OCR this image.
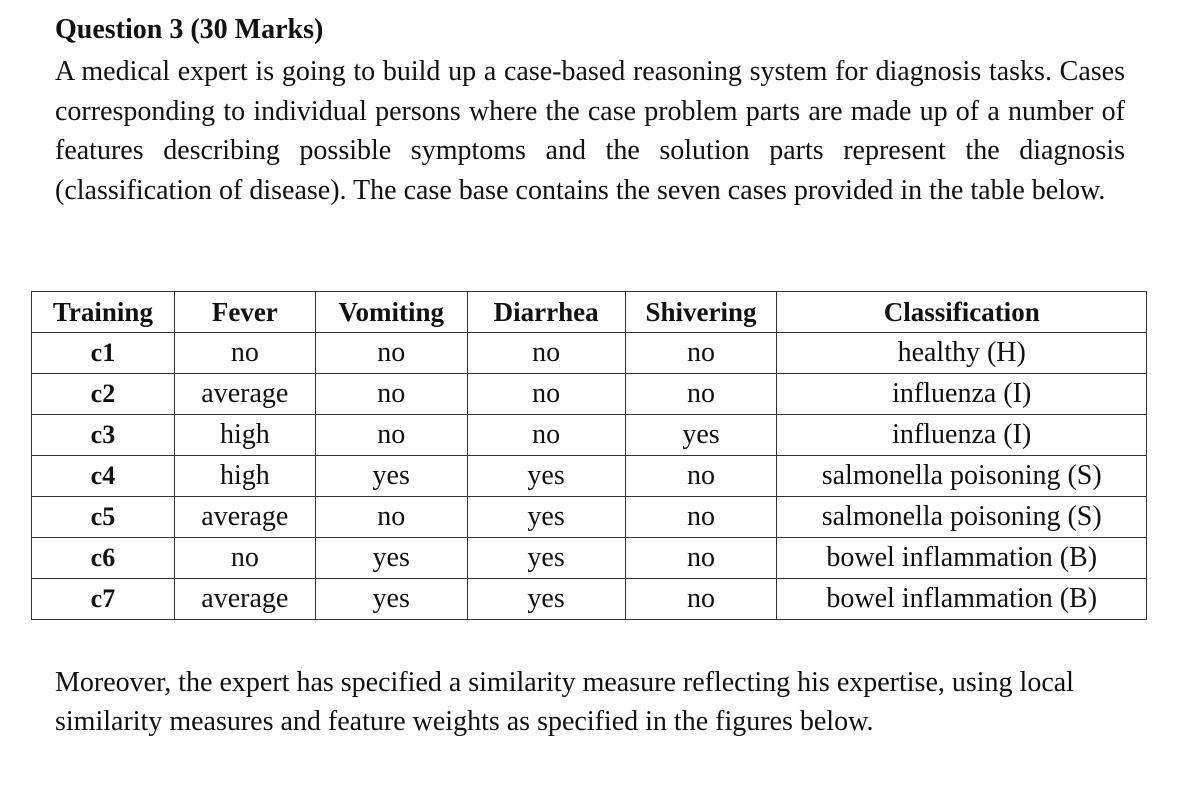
Question 3 (30 Marks)

A medical expert is going to build up a case-based reasoning system for diagnosis tasks. Cases corresponding to individual persons where the case problem parts are made up of a number of features describing possible symptoms and the solution parts represent the diagnosis (classification of disease). The case base contains the seven cases provided in the table below.

Training	Fever	Vomiting	Diarrhea	Shivering	Classification
c1	no	no	no	no	healthy (H)
c2	average	no	no	no	influenza (I)
c3	high	no	no	yes	influenza (I)
c4	high	yes	yes	no	salmonella poisoning (S)
c5	average	no	yes	no	salmonella poisoning (S)
c6	no	yes	yes	no	bowel inflammation (B)
c7	average	yes	yes	no	bowel inflammation (B)

Moreover, the expert has specified a similarity measure reflecting his expertise, using local similarity measures and feature weights as specified in the figures below.
